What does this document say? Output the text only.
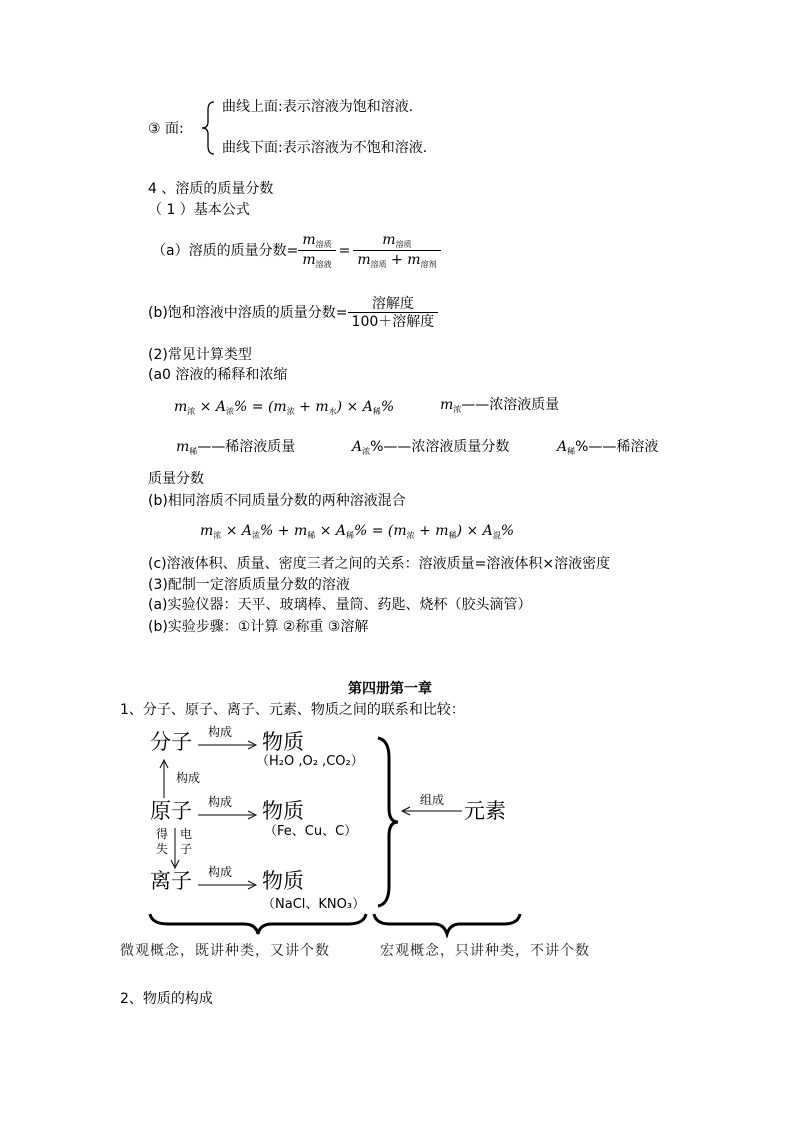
③ 面:
曲线上面:表示溶液为饱和溶液.
曲线下面:表示溶液为不饱和溶液.
4 、溶质的质量分数
（ 1 ）基本公式
（a）溶质的质量分数= $\frac{m_{溶质}}{m_{溶液}} = \frac{m_{溶质}}{m_{溶质} + m_{溶剂}}$
(b)饱和溶液中溶质的质量分数= $\frac{\text{溶解度}}{\text{100＋溶解度}}$
(2)常见计算类型
(a0 溶液的稀释和浓缩
$m_浓 \times A_浓\% = (m_浓 + m_水) \times A_稀\%$	$m_浓——$浓溶液质量
$m_稀——$稀溶液质量	$A_浓\%——$浓溶液质量分数	$A_稀\%——$稀溶液
质量分数
(b)相同溶质不同质量分数的两种溶液混合
$m_浓 \times A_浓\% + m_稀 \times A_稀\% = (m_浓 + m_稀) \times A_混\%$
(c)溶液体积、质量、密度三者之间的关系：溶液质量=溶液体积×溶液密度
(3)配制一定溶质质量分数的溶液
(a)实验仪器：天平、玻璃棒、量筒、药匙、烧杯（胶头滴管）
(b)实验步骤：①计算 ②称重 ③溶解
第四册第一章
1、分子、原子、离子、元素、物质之间的联系和比较：
分子 构成 物质
（H₂O ,O₂ ,CO₂）
构成
原子 构成 物质
（Fe、Cu、C）
得
失
电
子
离子 构成 物质
（NaCl、KNO₃）
组成 元素
微观概念，既讲种类，又讲个数	宏观概念，只讲种类，不讲个数
2、物质的构成
